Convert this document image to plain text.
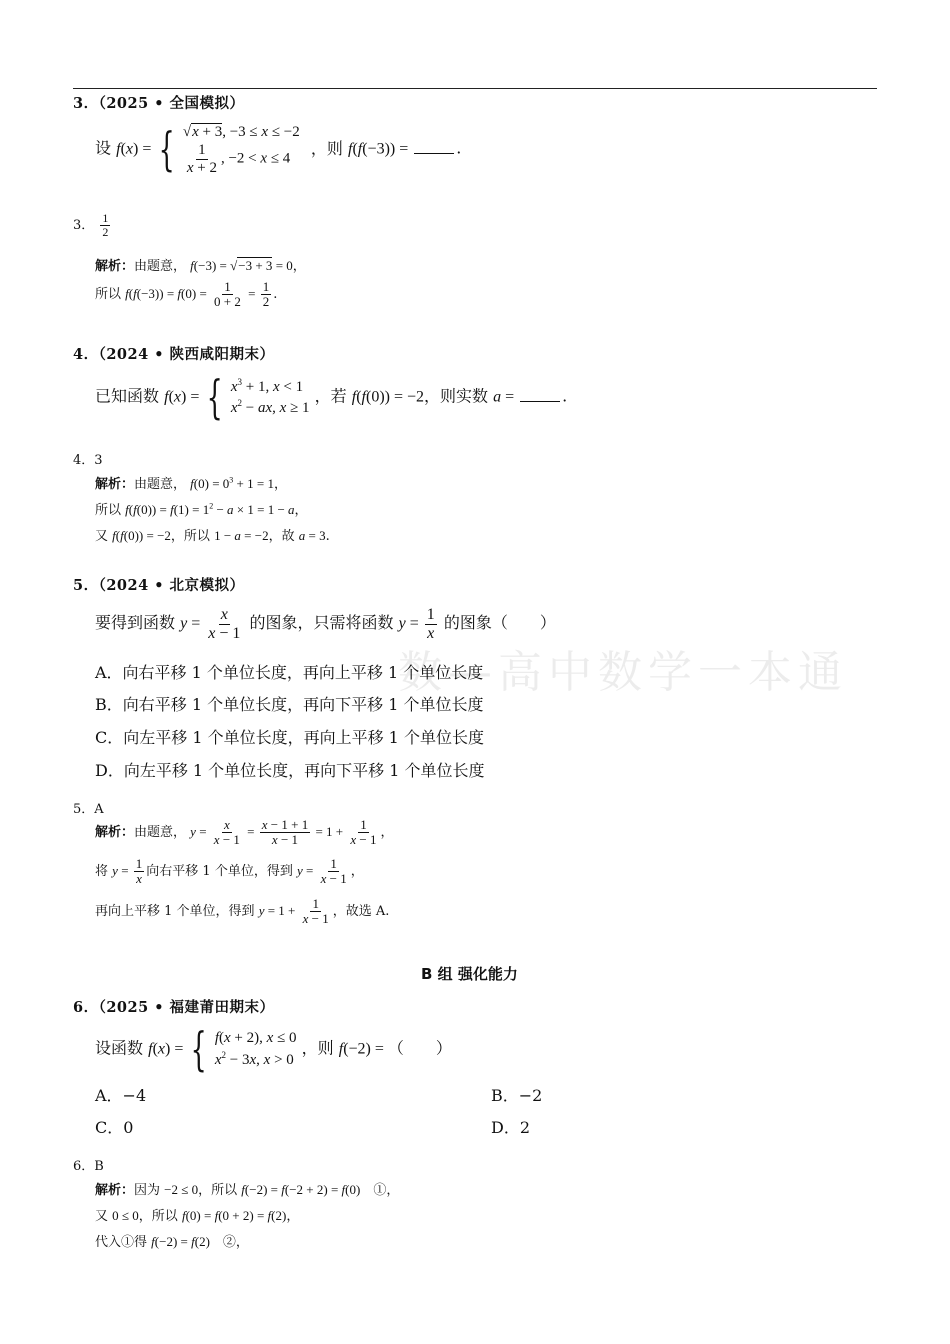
数—高中数学一本通
3．（2025 • 全国模拟）
设 f(x) = { √x + 3, −3 ≤ x ≤ −2
$\frac{1}{x + 2}$ , −2 < x ≤ 4
，则 f(f(−3)) =	.
3． $\frac{1}{2}$
解析：由题意， f(−3) = √−3 + 3 = 0，
所以 $f(f(-3)) = f(0) = \frac{1}{0 + 2} = \frac{1}{2}$ .
4．（2024 • 陕西咸阳期末）
已知函数 f(x) = { $x^3 + 1$, x < 1
$x^2$ − ax, x ≥ 1
，若 f(f(0)) = −2，则实数 a =	.
4．3
解析：由题意， $f(0) = 0^3 + 1 = 1$，
所以 $f(f(0)) = f(1) = 1^2 - a \times 1 = 1 - a$，
又 f(f(0)) = −2，所以 1 − a = −2，故 a = 3.
5．（2024 • 北京模拟）
要得到函数 $y = \frac{x}{x - 1}$ 的图象，只需将函数 $y = \frac{1}{x}$ 的图象（　　）
A．向右平移 1 个单位长度，再向上平移 1 个单位长度
B．向右平移 1 个单位长度，再向下平移 1 个单位长度
C．向左平移 1 个单位长度，再向上平移 1 个单位长度
D．向左平移 1 个单位长度，再向下平移 1 个单位长度
5．A
解析：由题意， $y = \frac{x}{x - 1} = \frac{x - 1 + 1}{x - 1} = 1 + \frac{1}{x - 1}$ ，
将 $y = \frac{1}{x}$ 向右平移 1 个单位，得到 $y = \frac{1}{x - 1}$ ，
再向上平移 1 个单位，得到 $y = 1 + \frac{1}{x - 1}$ ，故选 A.
B 组 强化能力
6．（2025 • 福建莆田期末）
设函数 f(x) = { f(x + 2), x ≤ 0
$x^2 - 3x$, x > 0
，则 f(−2) = （　　）
A．−4	B．−2
C．0	D．2
6．B
解析：因为 −2 ≤ 0，所以 f(−2) = f(−2 + 2) = f(0)　①，
又 0 ≤ 0，所以 f(0) = f(0 + 2) = f(2)，
代入①得 f(−2) = f(2)　②，
